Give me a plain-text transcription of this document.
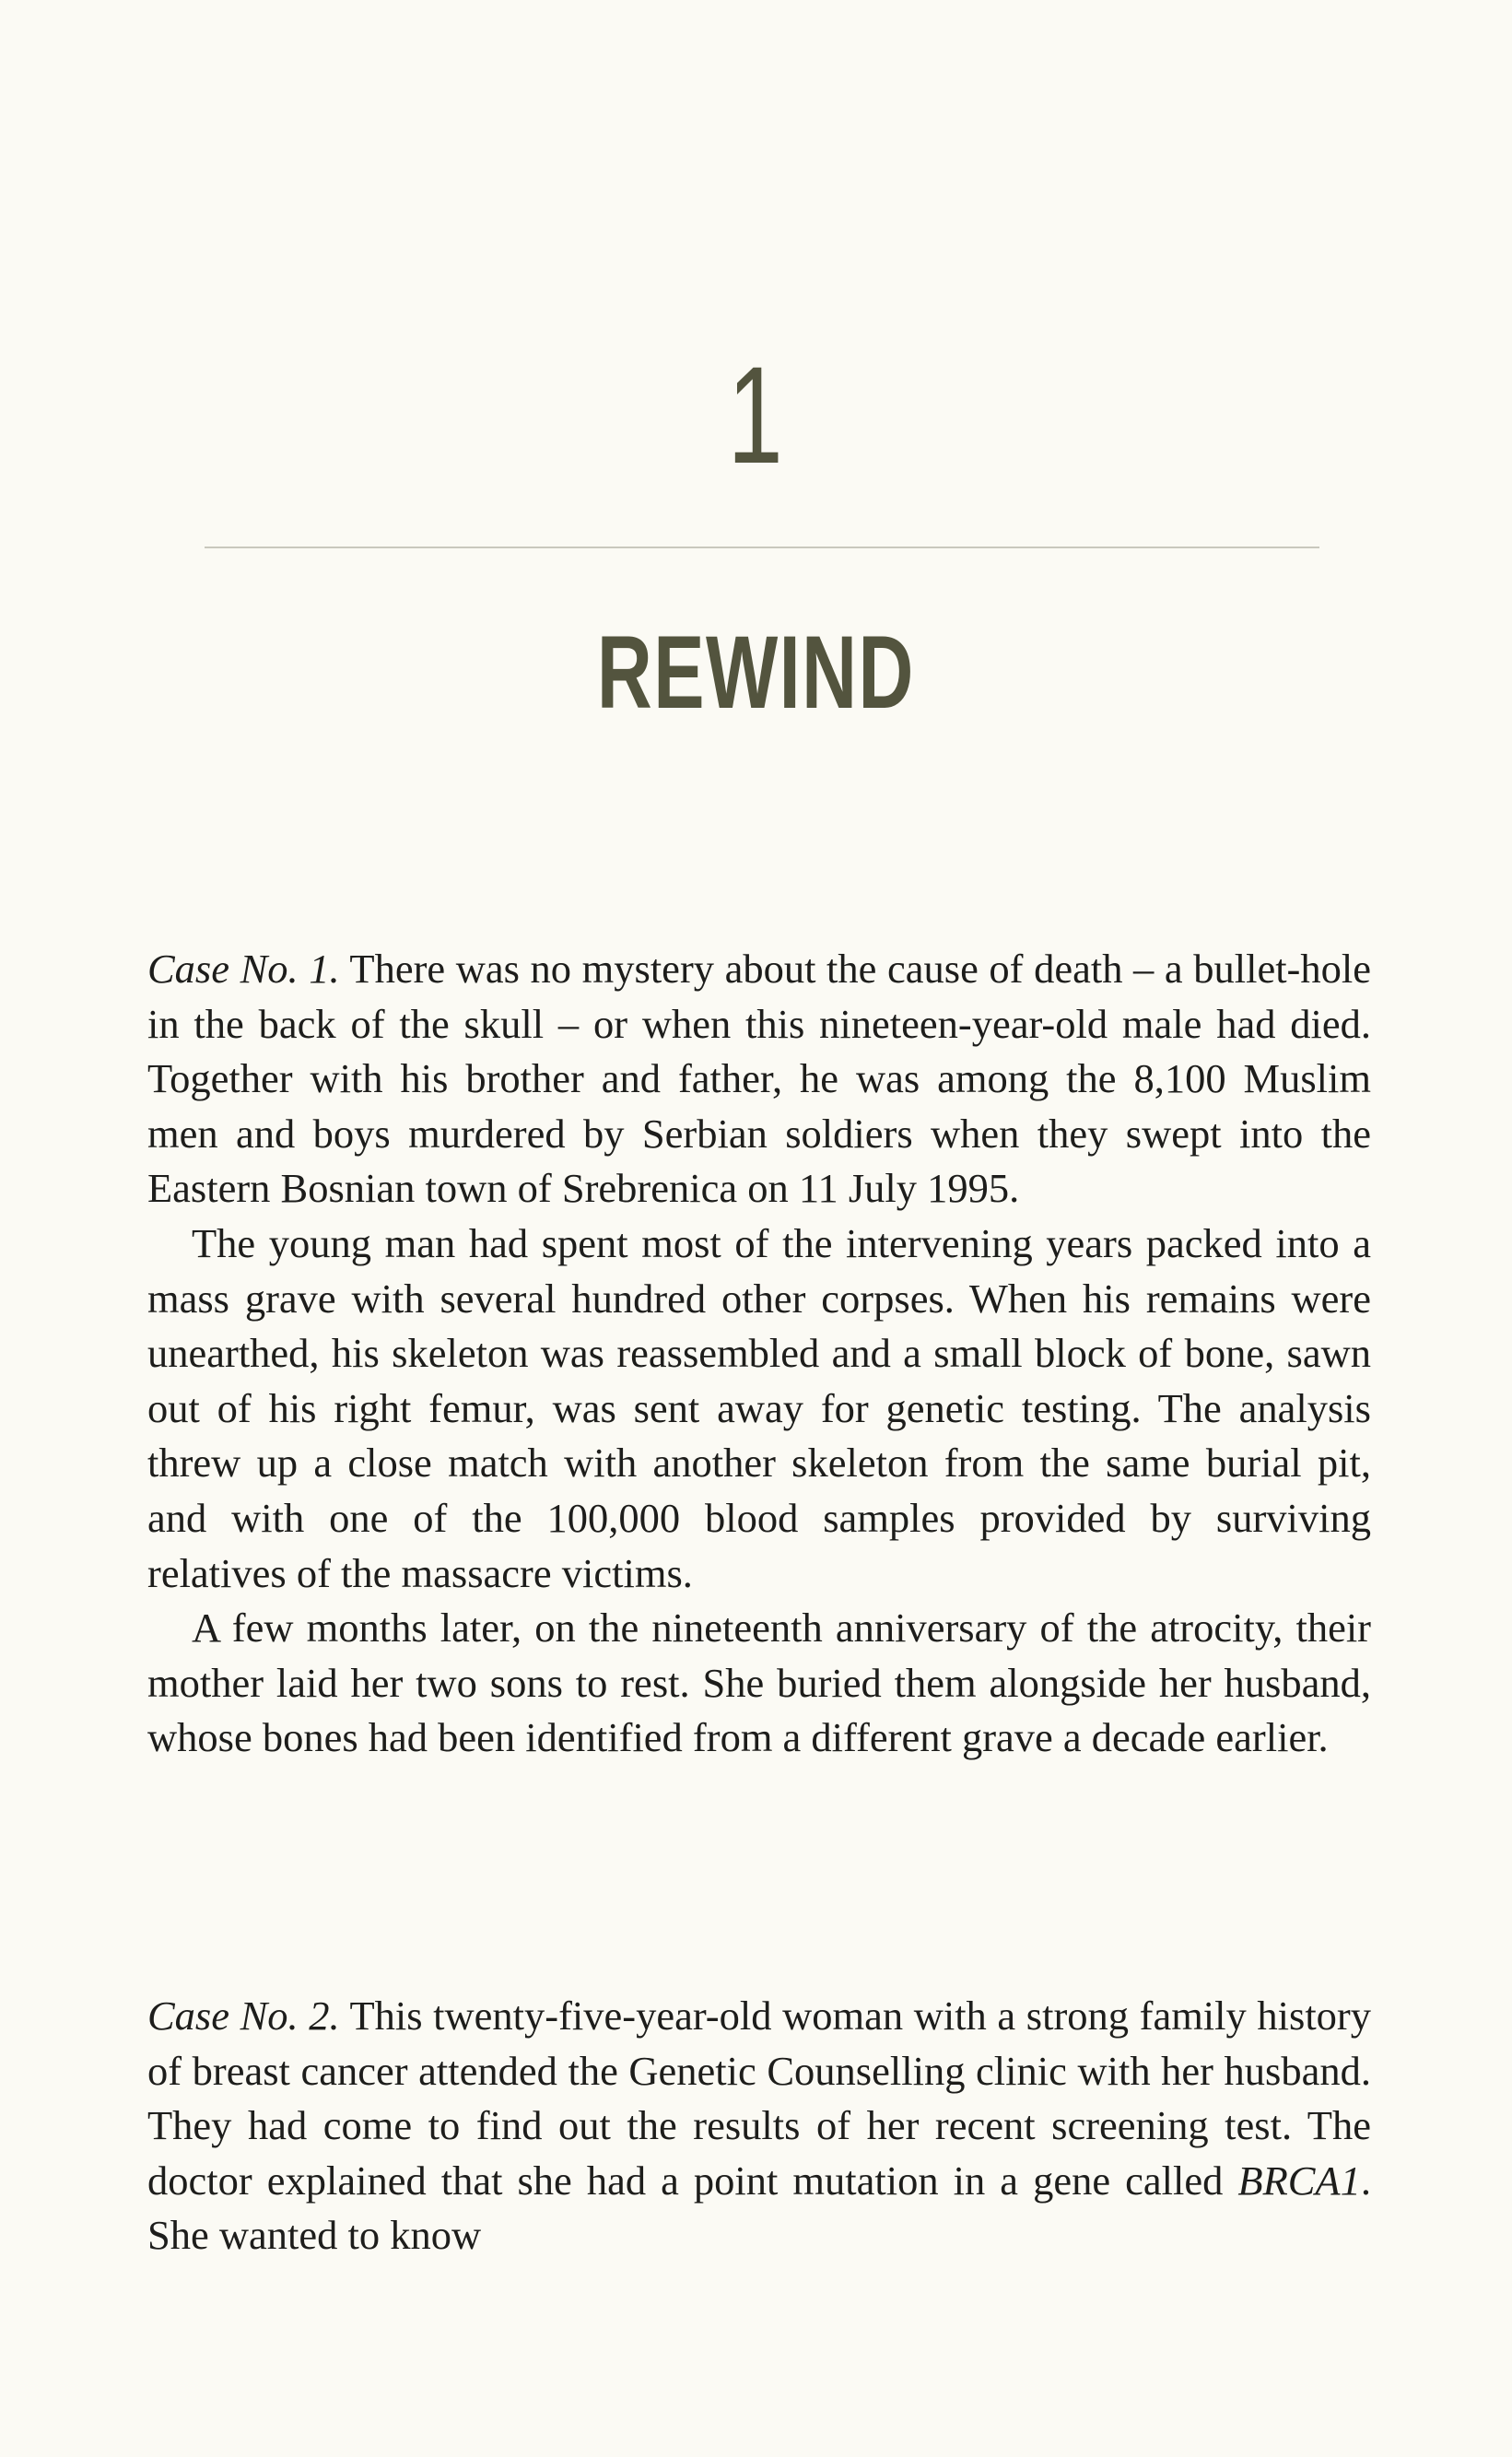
1
REWIND

Case No. 1. There was no mystery about the cause of death – a bullet-hole in the back of the skull – or when this nineteen-year-old male had died. Together with his brother and father, he was among the 8,100 Muslim men and boys murdered by Serbian soldiers when they swept into the Eastern Bosnian town of Srebrenica on 11 July 1995.

The young man had spent most of the intervening years packed into a mass grave with several hundred other corpses. When his remains were unearthed, his skeleton was reassembled and a small block of bone, sawn out of his right femur, was sent away for genetic testing. The analysis threw up a close match with another skeleton from the same burial pit, and with one of the 100,000 blood samples provided by surviving relatives of the massacre victims.

A few months later, on the nineteenth anniversary of the atrocity, their mother laid her two sons to rest. She buried them alongside her husband, whose bones had been identified from a different grave a decade earlier.

Case No. 2. This twenty-five-year-old woman with a strong family history of breast cancer attended the Genetic Counselling clinic with her husband. They had come to find out the results of her recent screening test. The doctor explained that she had a point mutation in a gene called BRCA1. She wanted to know
